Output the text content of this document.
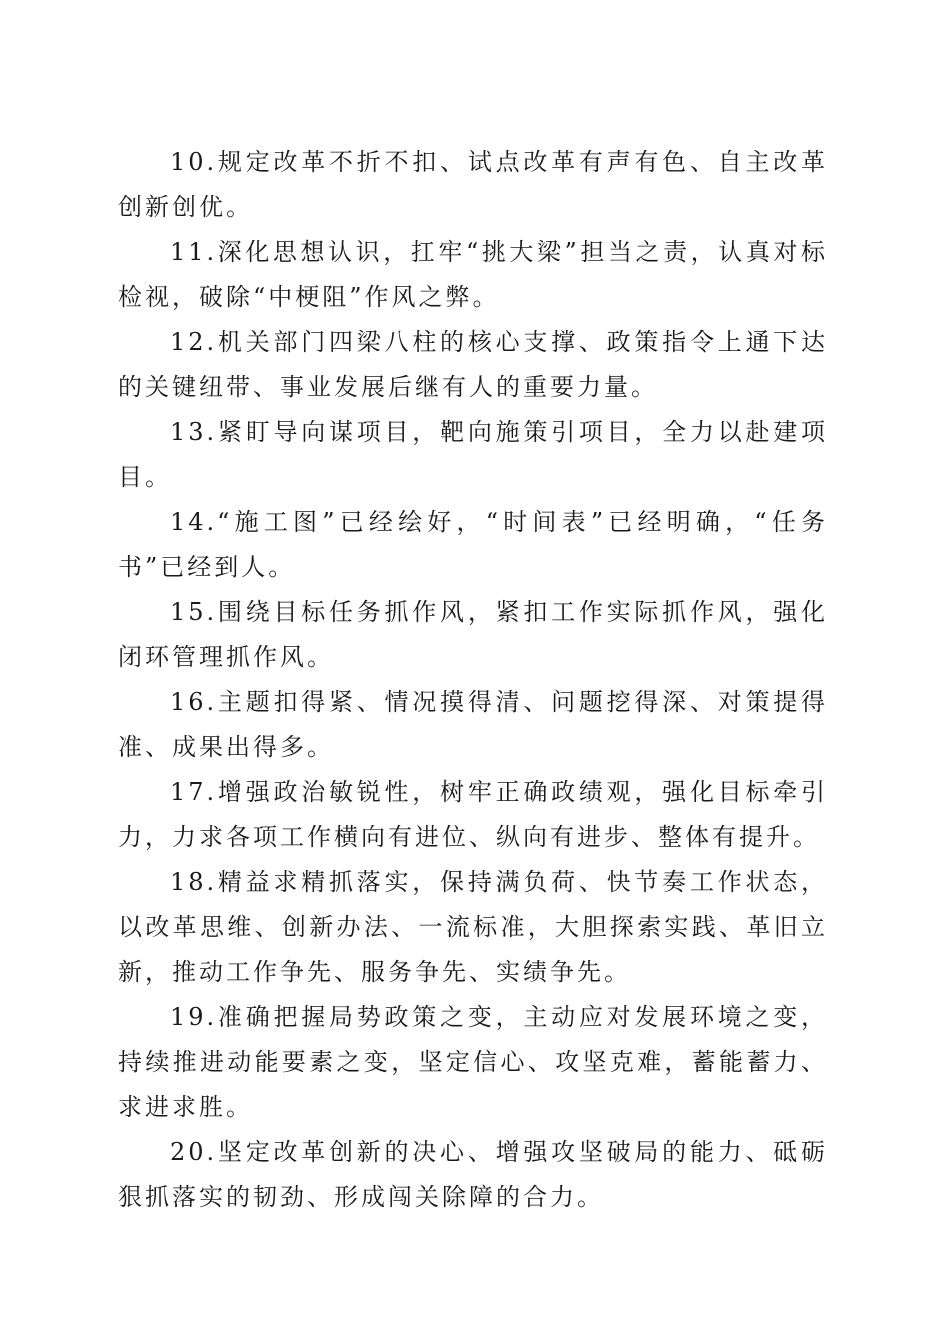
10.规定改革不折不扣、试点改革有声有色、自主改革创新创优。

11.深化思想认识，扛牢“挑大梁”担当之责，认真对标检视，破除“中梗阻”作风之弊。

12.机关部门四梁八柱的核心支撑、政策指令上通下达的关键纽带、事业发展后继有人的重要力量。

13.紧盯导向谋项目，靶向施策引项目，全力以赴建项目。

14.“施工图”已经绘好，“时间表”已经明确，“任务书”已经到人。

15.围绕目标任务抓作风，紧扣工作实际抓作风，强化闭环管理抓作风。

16.主题扣得紧、情况摸得清、问题挖得深、对策提得准、成果出得多。

17.增强政治敏锐性，树牢正确政绩观，强化目标牵引力，力求各项工作横向有进位、纵向有进步、整体有提升。

18.精益求精抓落实，保持满负荷、快节奏工作状态，以改革思维、创新办法、一流标准，大胆探索实践、革旧立新，推动工作争先、服务争先、实绩争先。

19.准确把握局势政策之变，主动应对发展环境之变，持续推进动能要素之变，坚定信心、攻坚克难，蓄能蓄力、求进求胜。

20.坚定改革创新的决心、增强攻坚破局的能力、砥砺狠抓落实的韧劲、形成闯关除障的合力。
